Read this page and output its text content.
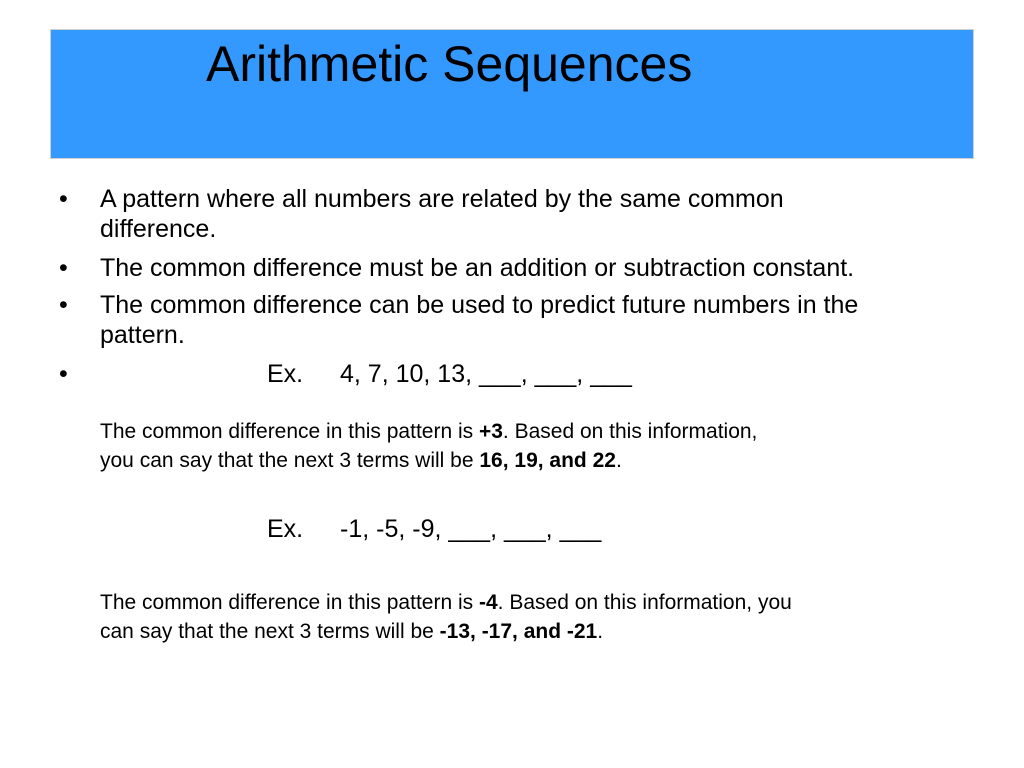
Arithmetic Sequences
• A pattern where all numbers are related by the same common
difference.
• The common difference must be an addition or subtraction constant.
• The common difference can be used to predict future numbers in the
pattern.
•	Ex. 4, 7, 10, 13, ___, ___, ___
The common difference in this pattern is +3. Based on this information,
you can say that the next 3 terms will be 16, 19, and 22.
Ex. -1, -5, -9, ___, ___, ___
The common difference in this pattern is -4. Based on this information, you
can say that the next 3 terms will be -13, -17, and -21.
